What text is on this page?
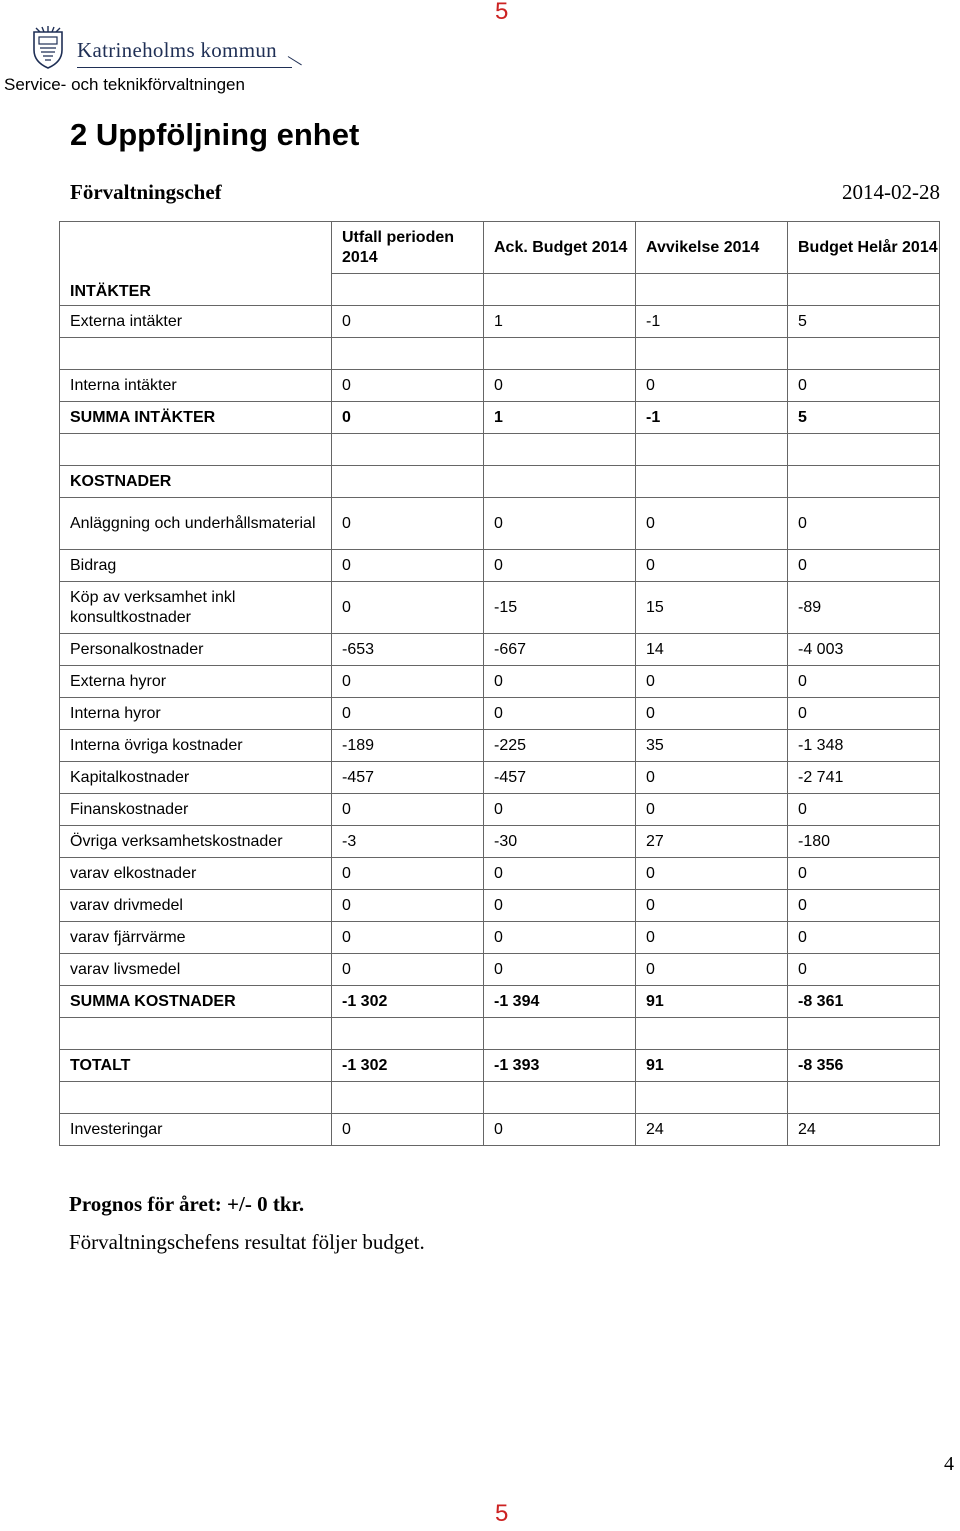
5
Katrineholms kommun
Service- och teknikförvaltningen
2 Uppföljning enhet
Förvaltningschef	2014-02-28
	Utfall perioden 2014	Ack. Budget 2014	Avvikelse 2014	Budget Helår 2014
INTÄKTER				
Externa intäkter	0	1	-1	5

Interna intäkter	0	0	0	0
SUMMA INTÄKTER	0	1	-1	5

KOSTNADER				
Anläggning och underhållsmaterial	0	0	0	0
Bidrag	0	0	0	0
Köp av verksamhet inkl konsultkostnader	0	-15	15	-89
Personalkostnader	-653	-667	14	-4 003
Externa hyror	0	0	0	0
Interna hyror	0	0	0	0
Interna övriga kostnader	-189	-225	35	-1 348
Kapitalkostnader	-457	-457	0	-2 741
Finanskostnader	0	0	0	0
Övriga verksamhetskostnader	-3	-30	27	-180
varav elkostnader	0	0	0	0
varav drivmedel	0	0	0	0
varav fjärrvärme	0	0	0	0
varav livsmedel	0	0	0	0
SUMMA KOSTNADER	-1 302	-1 394	91	-8 361

TOTALT	-1 302	-1 393	91	-8 356

Investeringar	0	0	24	24
Prognos för året: +/- 0 tkr.
Förvaltningschefens resultat följer budget.
4
5
